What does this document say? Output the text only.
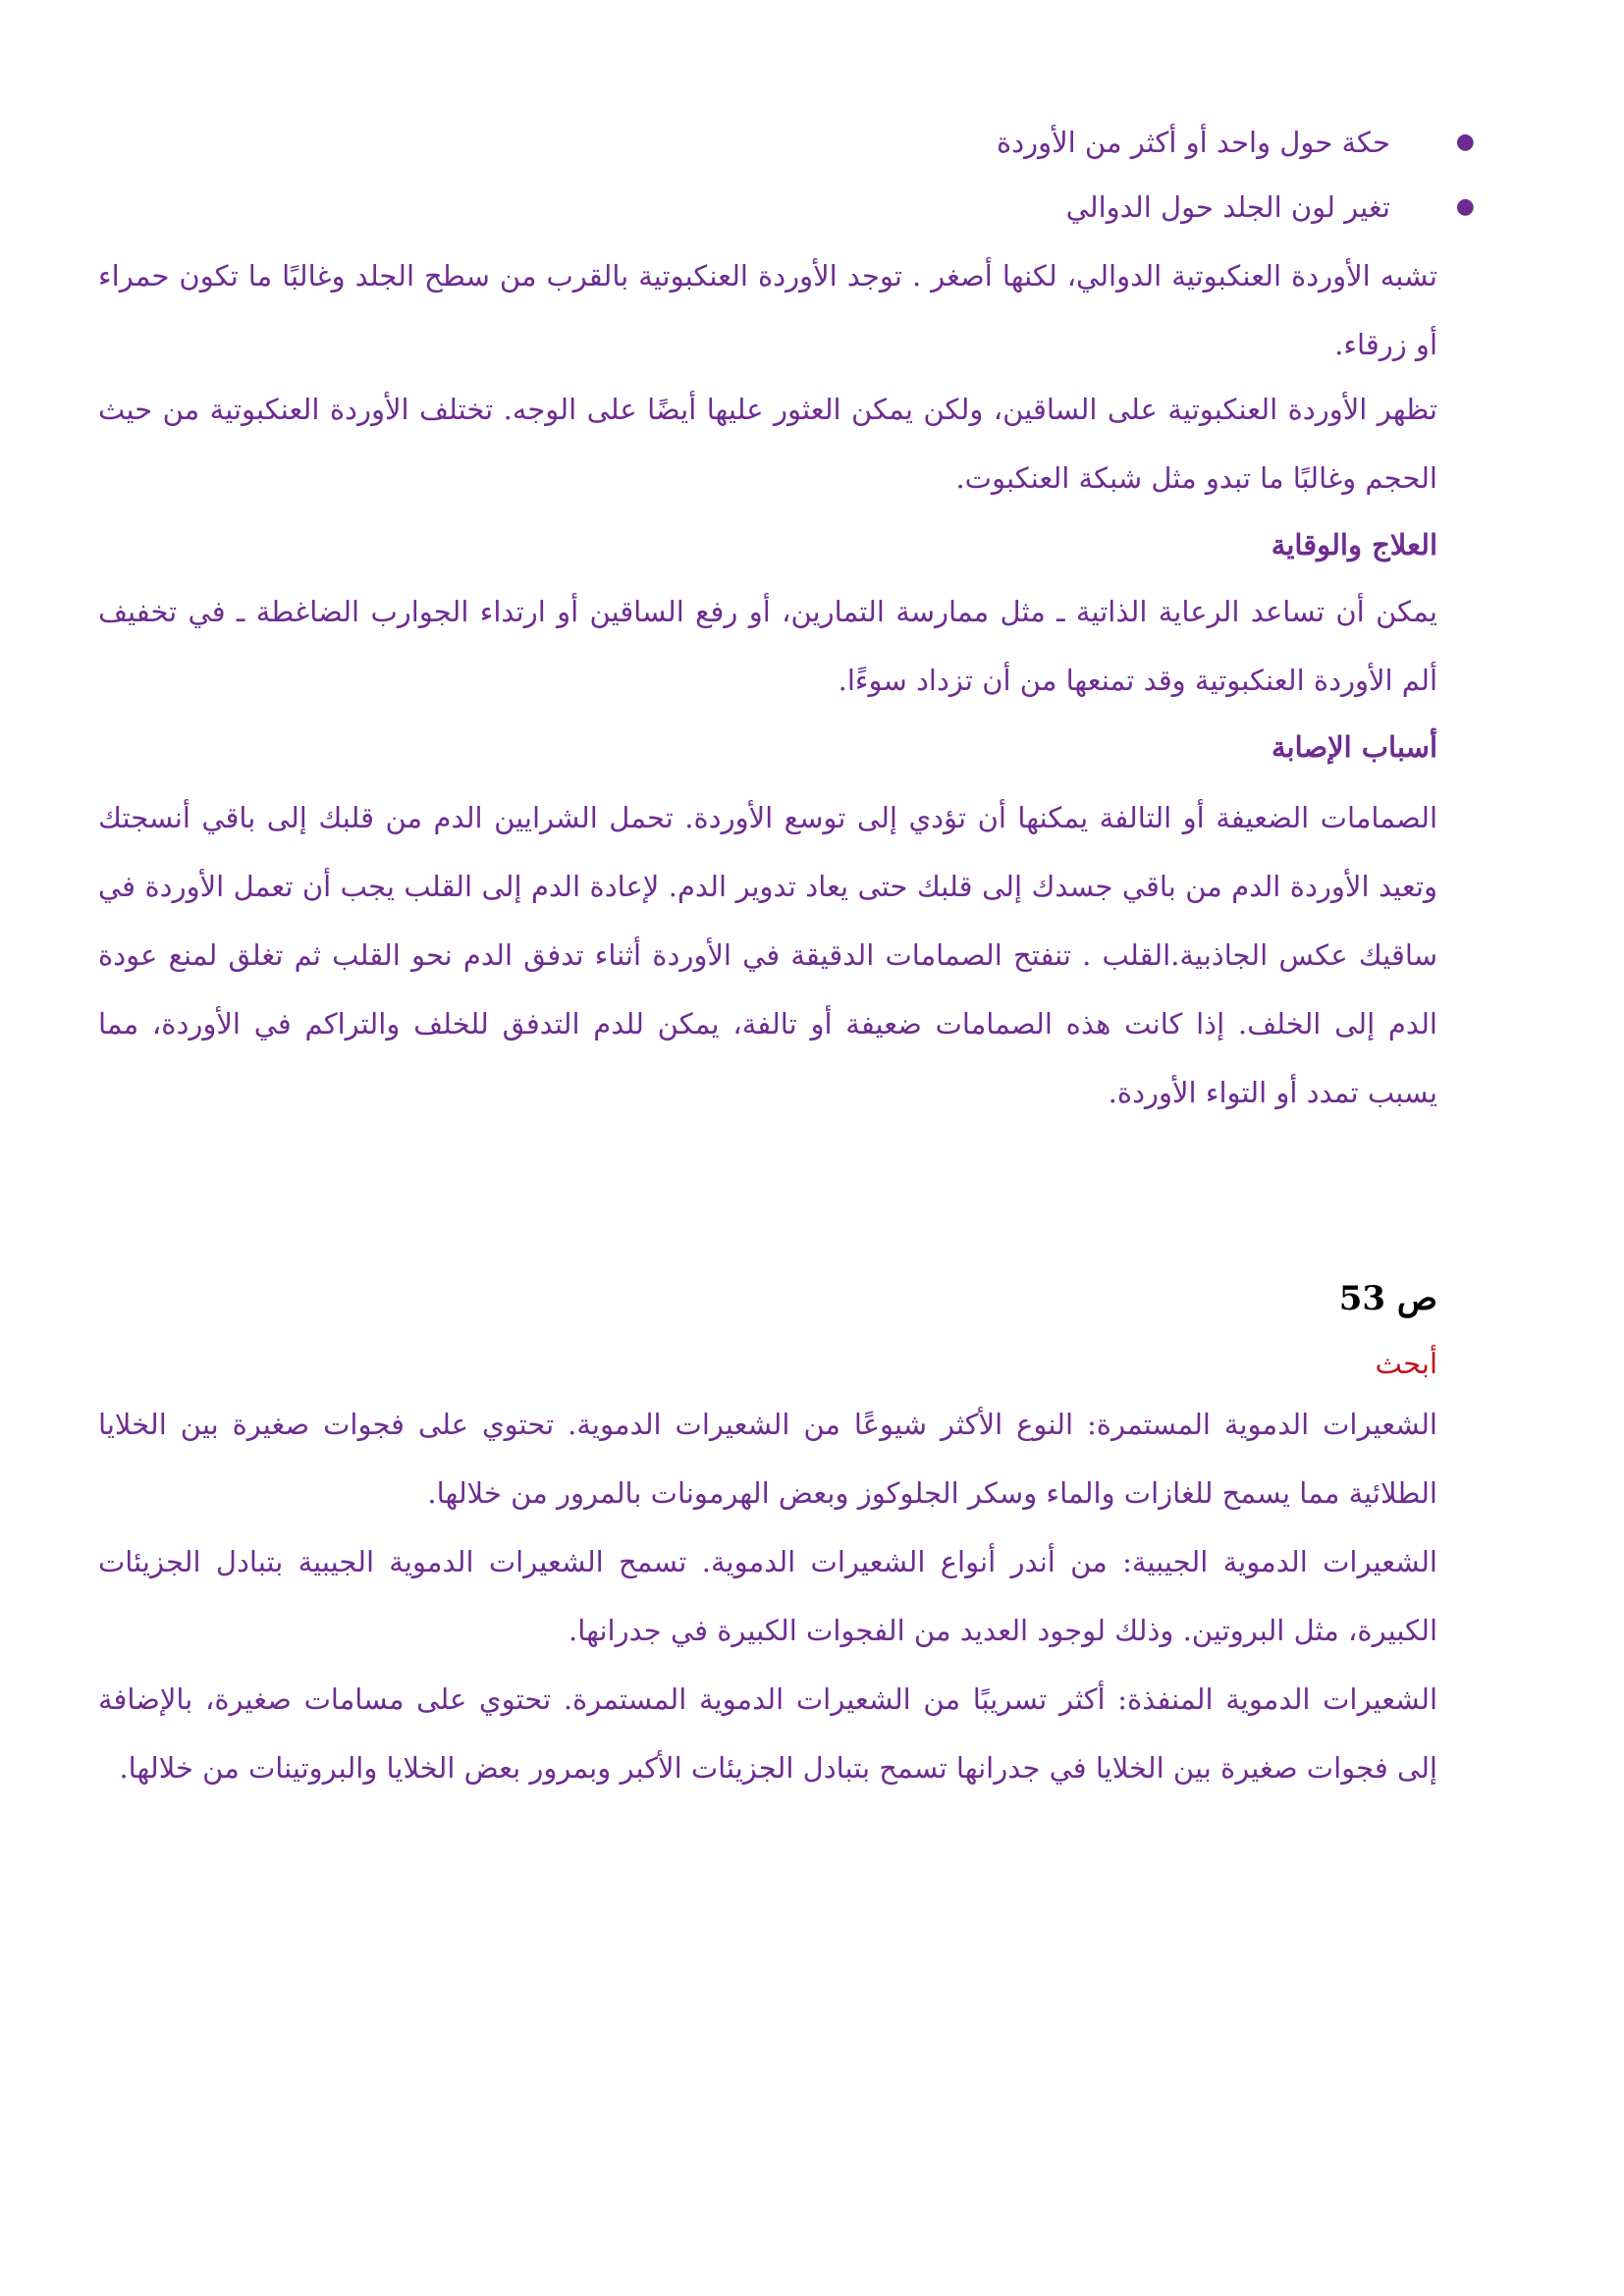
●
حكة حول واحد أو أكثر من الأوردة
●
تغير لون الجلد حول الدوالي

تشبه الأوردة العنكبوتية الدوالي، لكنها أصغر . توجد الأوردة العنكبوتية بالقرب من سطح الجلد وغالبًا ما تكون حمراء أو زرقاء.

تظهر الأوردة العنكبوتية على الساقين، ولكن يمكن العثور عليها أيضًا على الوجه. تختلف الأوردة العنكبوتية من حيث الحجم وغالبًا ما تبدو مثل شبكة العنكبوت.

العلاج والوقاية

يمكن أن تساعد الرعاية الذاتية ـ مثل ممارسة التمارين، أو رفع الساقين أو ارتداء الجوارب الضاغطة ـ في تخفيف ألم الأوردة العنكبوتية وقد تمنعها من أن تزداد سوءًا.

أسباب الإصابة

الصمامات الضعيفة أو التالفة يمكنها أن تؤدي إلى توسع الأوردة. تحمل الشرايين الدم من قلبك إلى باقي أنسجتك وتعيد الأوردة الدم من باقي جسدك إلى قلبك حتى يعاد تدوير الدم. لإعادة الدم إلى القلب يجب أن تعمل الأوردة في ساقيك عكس الجاذبية.القلب . تنفتح الصمامات الدقيقة في الأوردة أثناء تدفق الدم نحو القلب ثم تغلق لمنع عودة الدم إلى الخلف. إذا كانت هذه الصمامات ضعيفة أو تالفة، يمكن للدم التدفق للخلف والتراكم في الأوردة، مما يسبب تمدد أو التواء الأوردة.

ص 53

أبحث

الشعيرات الدموية المستمرة: النوع الأكثر شيوعًا من الشعيرات الدموية. تحتوي على فجوات صغيرة بين الخلايا الطلائية مما يسمح للغازات والماء وسكر الجلوكوز وبعض الهرمونات بالمرور من خلالها.

الشعيرات الدموية الجيبية: من أندر أنواع الشعيرات الدموية. تسمح الشعيرات الدموية الجيبية بتبادل الجزيئات الكبيرة، مثل البروتين. وذلك لوجود العديد من الفجوات الكبيرة في جدرانها.

الشعيرات الدموية المنفذة: أكثر تسريبًا من الشعيرات الدموية المستمرة. تحتوي على مسامات صغيرة، بالإضافة إلى فجوات صغيرة بين الخلايا في جدرانها تسمح بتبادل الجزيئات الأكبر وبمرور بعض الخلايا والبروتينات من خلالها.
